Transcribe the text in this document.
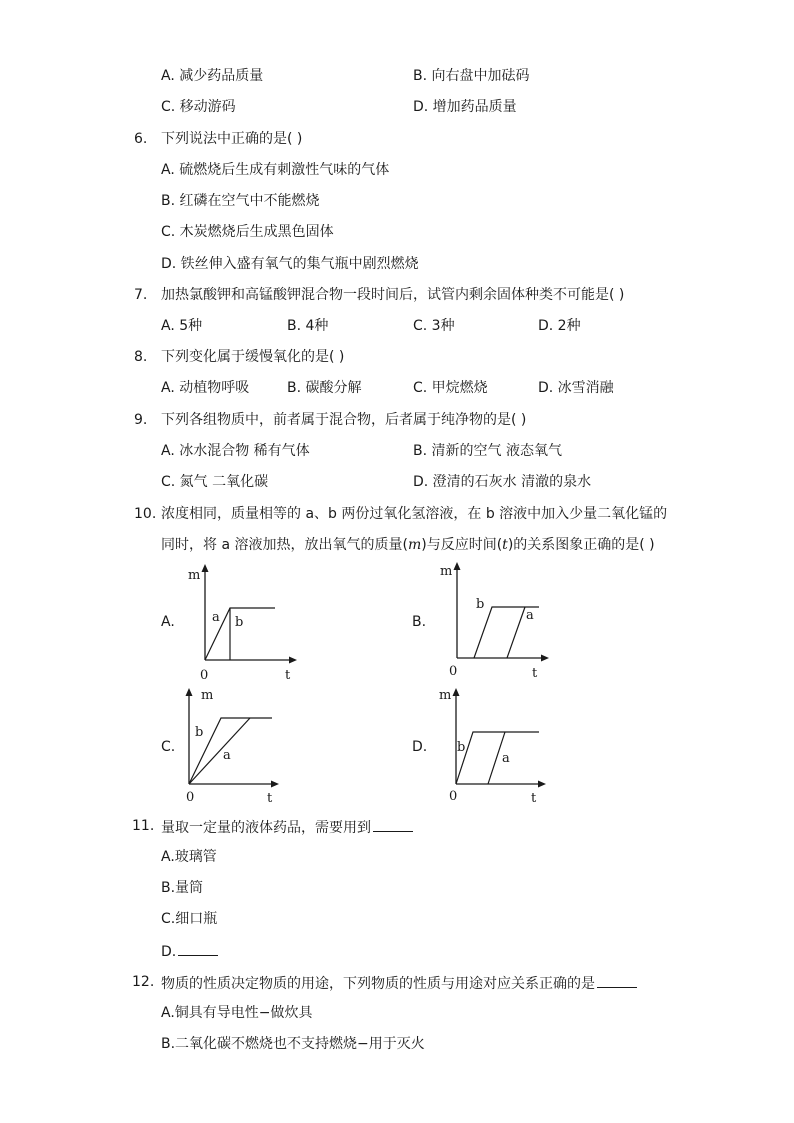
A. 减少药品质量	B. 向右盘中加砝码
C. 移动游码	D. 增加药品质量
6. 下列说法中正确的是( )
A. 硫燃烧后生成有刺激性气味的气体
B. 红磷在空气中不能燃烧
C. 木炭燃烧后生成黑色固体
D. 铁丝伸入盛有氧气的集气瓶中剧烈燃烧
7. 加热氯酸钾和高锰酸钾混合物一段时间后，试管内剩余固体种类不可能是( )
A. 5种	B. 4种	C. 3种	D. 2种
8. 下列变化属于缓慢氧化的是( )
A. 动植物呼吸	B. 碳酸分解	C. 甲烷燃烧	D. 冰雪消融
9. 下列各组物质中，前者属于混合物，后者属于纯净物的是( )
A. 冰水混合物 稀有气体	B. 清新的空气 液态氧气
C. 氮气 二氧化碳	D. 澄清的石灰水 清澈的泉水
10. 浓度相同，质量相等的 a、b 两份过氧化氢溶液，在 b 溶液中加入少量二氧化锰的
同时，将 a 溶液加热，放出氧气的质量(m)与反应时间(t)的关系图象正确的是( )
A.
m
t
0
a b	B.
m
t
0
b
a
C.
m
t
0
b
a
D.
m
t
0
b
a
11. 量取一定量的液体药品，需要用到
A.玻璃管
B.量筒
C.细口瓶
D.
12. 物质的性质决定物质的用途，下列物质的性质与用途对应关系正确的是
A.铜具有导电性−做炊具
B.二氧化碳不燃烧也不支持燃烧−用于灭火
